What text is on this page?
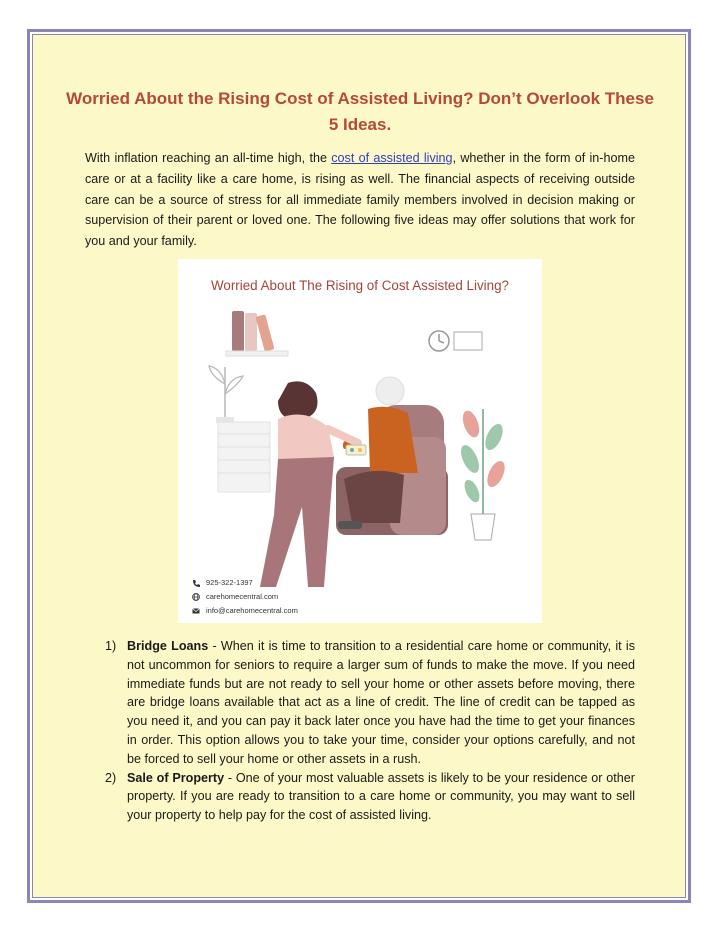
Worried About the Rising Cost of Assisted Living? Don’t Overlook These 5 Ideas.

With inflation reaching an all-time high, the cost of assisted living, whether in the form of in-home care or at a facility like a care home, is rising as well. The financial aspects of receiving outside care can be a source of stress for all immediate family members involved in decision making or supervision of their parent or loved one. The following five ideas may offer solutions that work for you and your family.

Worried About The Rising of Cost Assisted Living?
925-322-1397
carehomecentral.com
info@carehomecentral.com
1) Bridge Loans - When it is time to transition to a residential care home or community, it is not uncommon for seniors to require a larger sum of funds to make the move. If you need immediate funds but are not ready to sell your home or other assets before moving, there are bridge loans available that act as a line of credit. The line of credit can be tapped as you need it, and you can pay it back later once you have had the time to get your finances in order. This option allows you to take your time, consider your options carefully, and not be forced to sell your home or other assets in a rush.
2) Sale of Property - One of your most valuable assets is likely to be your residence or other property. If you are ready to transition to a care home or community, you may want to sell your property to help pay for the cost of assisted living.
